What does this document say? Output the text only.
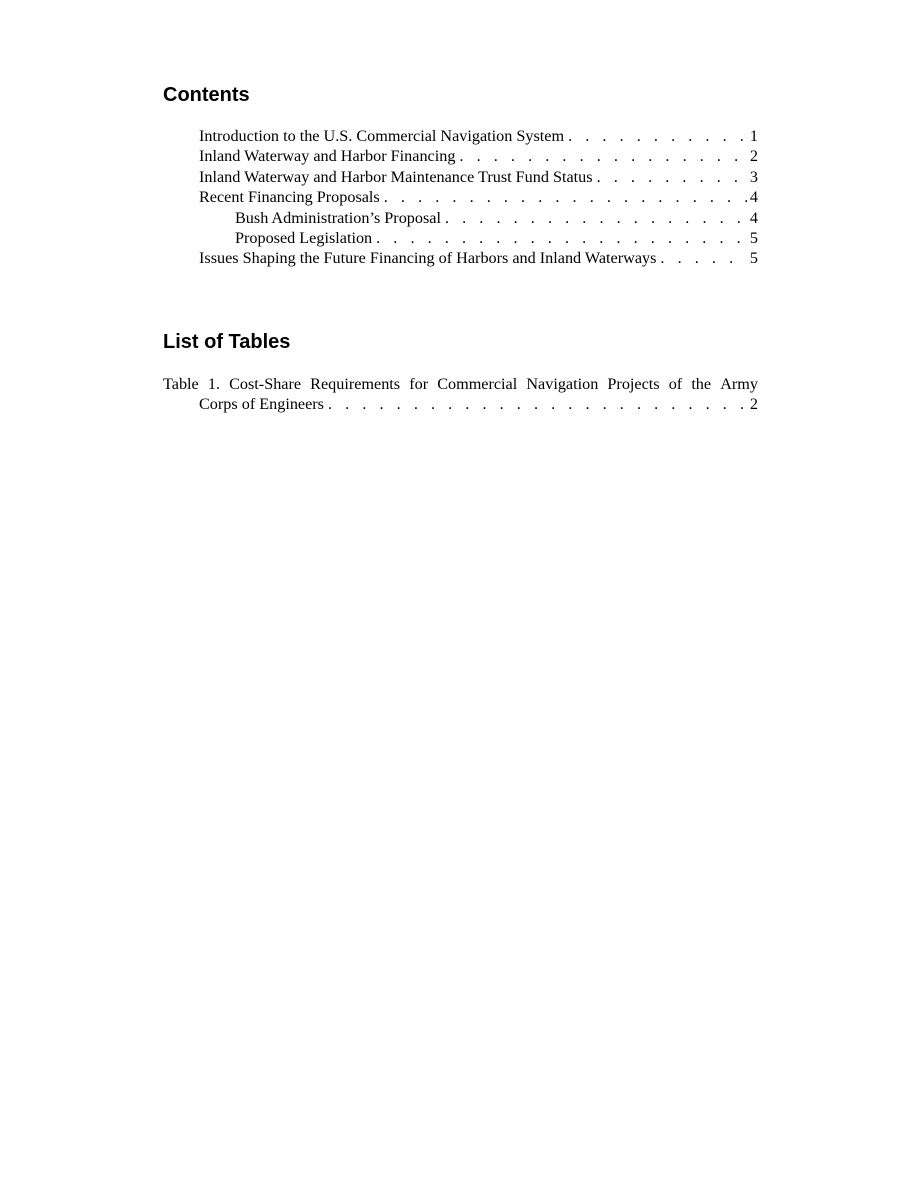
Contents
Introduction to the U.S. Commercial Navigation System . . .	1
Inland Waterway and Harbor Financing . . .	2
Inland Waterway and Harbor Maintenance Trust Fund Status . . .	3
Recent Financing Proposals . . .	4
Bush Administration’s Proposal . . .	4
Proposed Legislation . . .	5
Issues Shaping the Future Financing of Harbors and Inland Waterways . . .	5
List of Tables
Table 1. Cost-Share Requirements for Commercial Navigation Projects of the Army
Corps of Engineers . . .	2
